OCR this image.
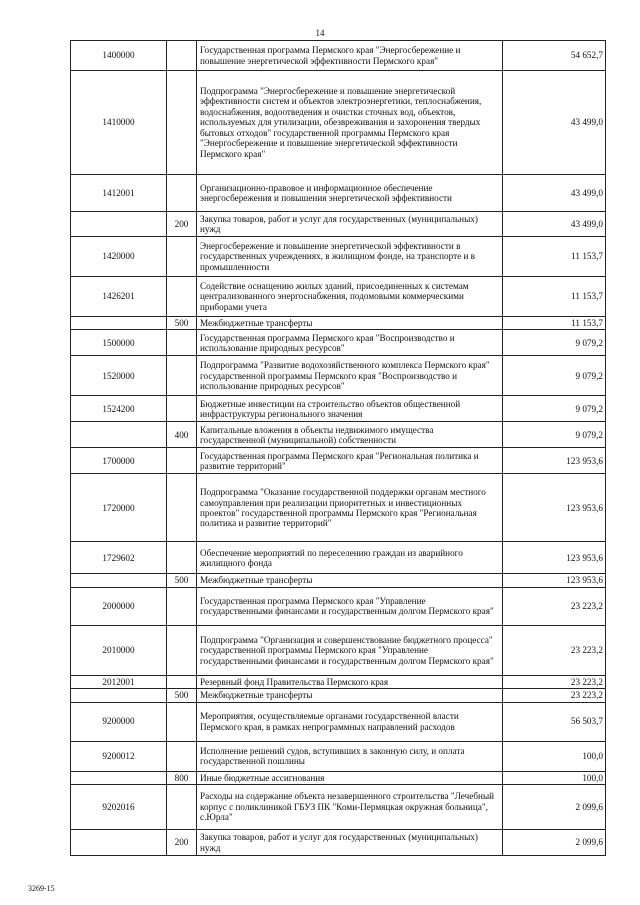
14
1400000		Государственная программа Пермского края "Энергосбережение и повышение энергетической эффективности Пермского края"	54 652,7
1410000		Подпрограмма "Энергосбережение и повышение энергетической эффективности систем и объектов электроэнергетики, теплоснабжения, водоснабжения, водоотведения и очистки сточных вод, объектов, используемых для утилизации, обезвреживания и захоронения твердых бытовых отходов" государственной программы Пермского края "Энергосбережение и повышение энергетической эффективности Пермского края"	43 499,0
1412001		Организационно-правовое и информационное обеспечение энергосбережения и повышения энергетической эффективности	43 499,0
	200	Закупка товаров, работ и услуг для государственных (муниципальных) нужд	43 499,0
1420000		Энергосбережение и повышение энергетической эффективности в государственных учреждениях, в жилищном фонде, на транспорте и в промышленности	11 153,7
1426201		Содействие оснащению жилых зданий, присоединенных к системам централизованного энергоснабжения, подомовыми коммерческими приборами учета	11 153,7
	500	Межбюджетные трансферты	11 153,7
1500000		Государственная программа Пермского края "Воспроизводство и использование природных ресурсов"	9 079,2
1520000		Подпрограмма "Развитие водохозяйственного комплекса Пермского края" государственной программы Пермского края "Воспроизводство и использование природных ресурсов"	9 079,2
1524200		Бюджетные инвестиции на строительство объектов общественной инфраструктуры регионального значения	9 079,2
	400	Капитальные вложения в объекты недвижимого имущества государственной (муниципальной) собственности	9 079,2
1700000		Государственная программа Пермского края "Региональная политика и развитие территорий"	123 953,6
1720000		Подпрограмма "Оказание государственной поддержки органам местного самоуправления при реализации приоритетных и инвестиционных проектов" государственной программы Пермского края "Региональная политика и развитие территорий"	123 953,6
1729602		Обеспечение мероприятий по переселению граждан из аварийного жилищного фонда	123 953,6
	500	Межбюджетные трансферты	123 953,6
2000000		Государственная программа Пермского края "Управление государственными финансами и государственным долгом Пермского края"	23 223,2
2010000		Подпрограмма "Организация и совершенствование бюджетного процесса" государственной программы Пермского края "Управление государственными финансами и государственным долгом Пермского края"	23 223,2
2012001		Резервный фонд Правительства Пермского края	23 223,2
	500	Межбюджетные трансферты	23 223,2
9200000		Мероприятия, осуществляемые органами государственной власти Пермского края, в рамках непрограммных направлений расходов	56 503,7
9200012		Исполнение решений судов, вступивших в законную силу, и оплата государственной пошлины	100,0
	800	Иные бюджетные ассигнования	100,0
9202016		Расходы на содержание объекта незавершенного строительства "Лечебный корпус с поликлиникой ГБУЗ ПК "Коми-Пермяцкая окружная больница", с.Юрла"	2 099,6
	200	Закупка товаров, работ и услуг для государственных (муниципальных) нужд	2 099,6
3269-15
